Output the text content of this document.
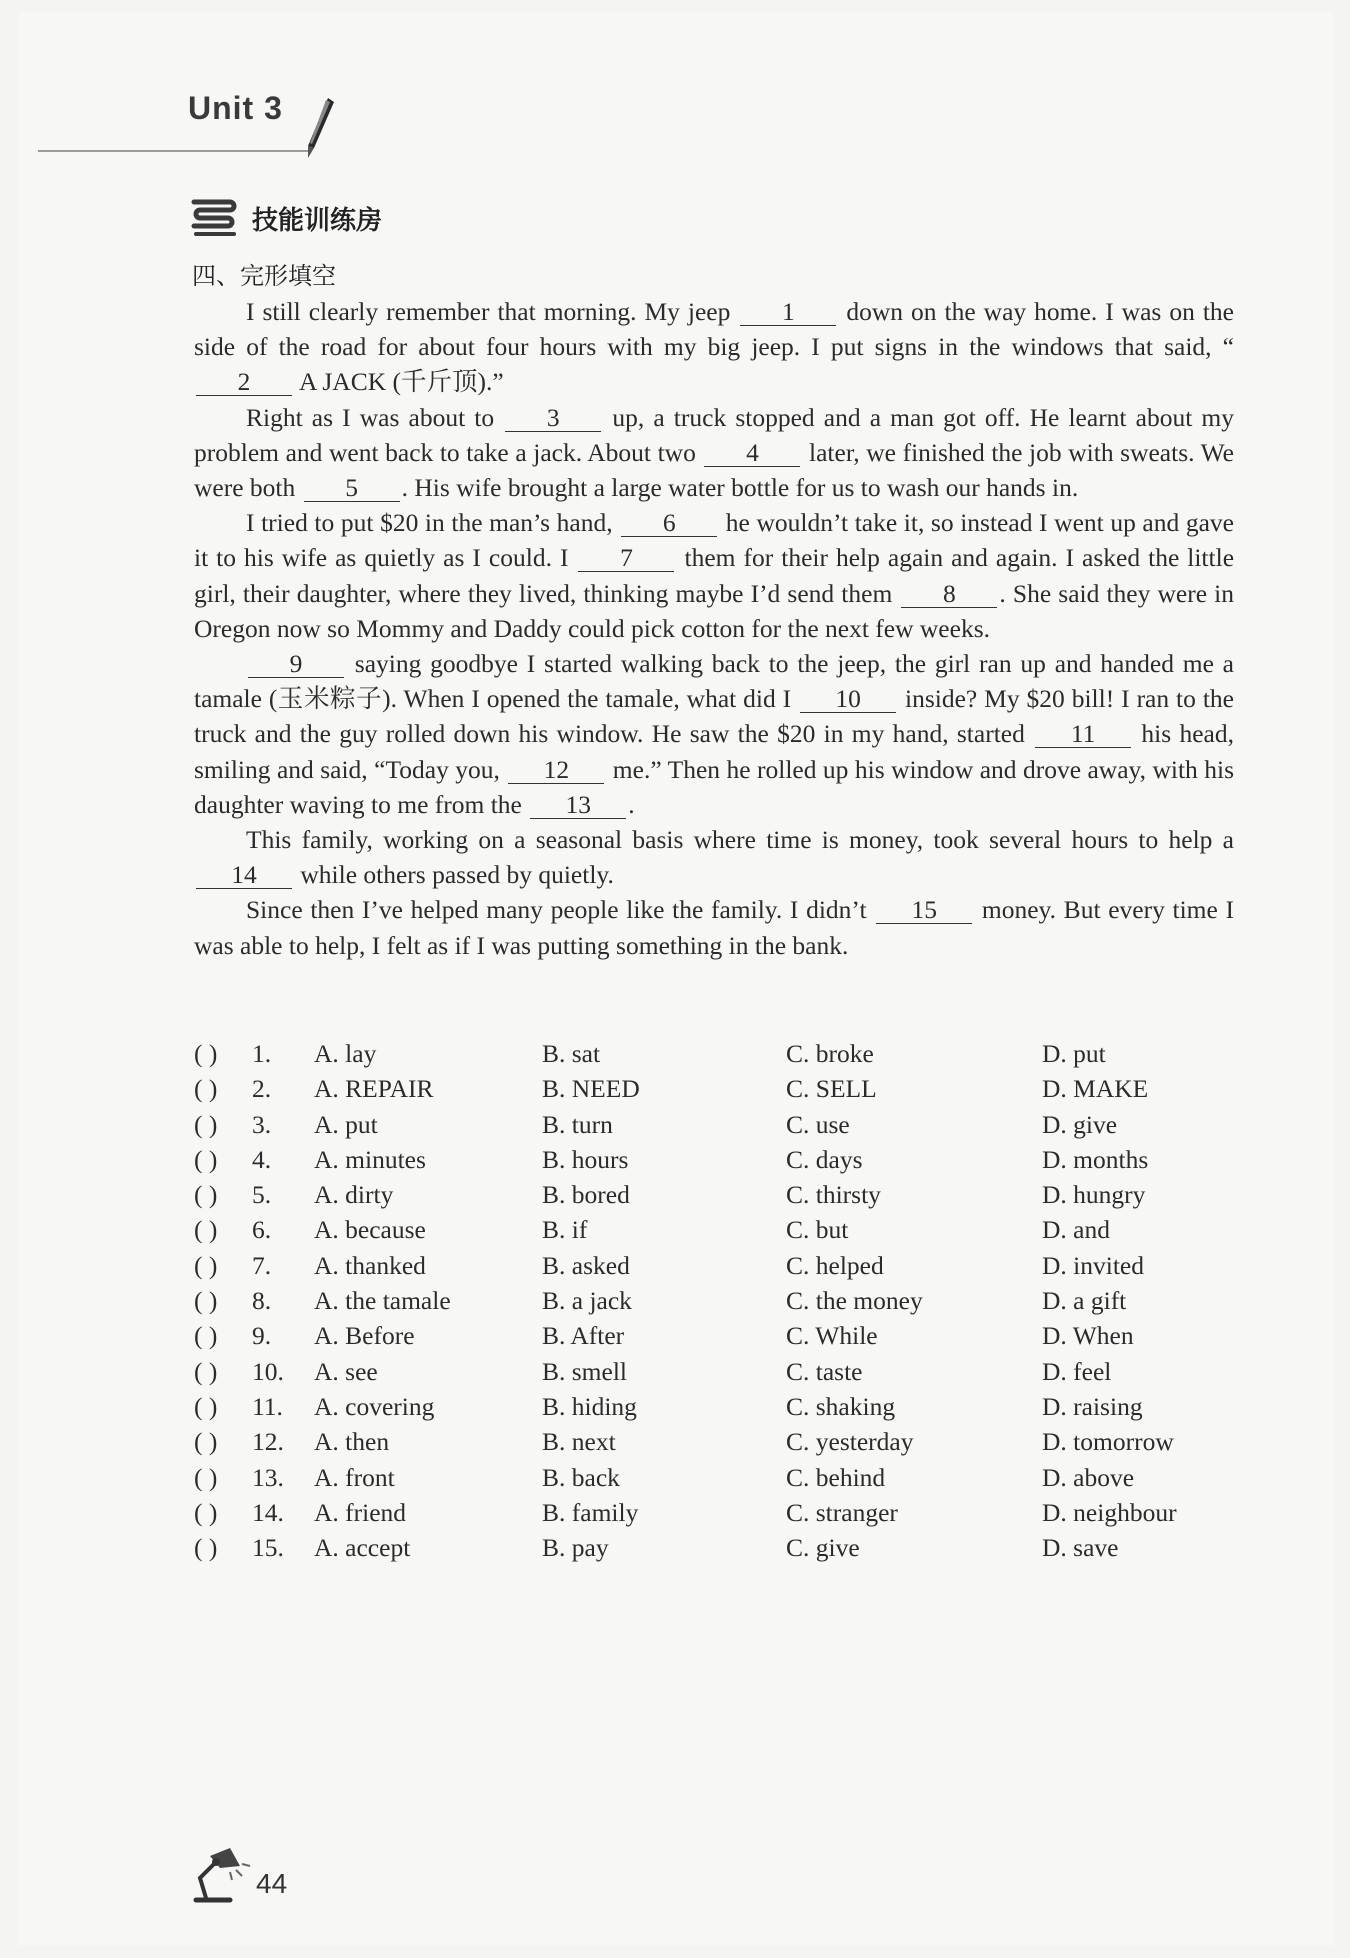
Unit 3
技能训练房
四、完形填空

I still clearly remember that morning. My jeep 1 down on the way home. I was on the side of the road for about four hours with my big jeep. I put signs in the windows that said, “2 A JACK (千斤顶).”

Right as I was about to 3 up, a truck stopped and a man got off. He learnt about my problem and went back to take a jack. About two 4 later, we finished the job with sweats. We were both 5 . His wife brought a large water bottle for us to wash our hands in.

I tried to put $20 in the man’s hand, 6 he wouldn’t take it, so instead I went up and gave it to his wife as quietly as I could. I 7 them for their help again and again. I asked the little girl, their daughter, where they lived, thinking maybe I’d send them 8 . She said they were in Oregon now so Mommy and Daddy could pick cotton for the next few weeks.

9 saying goodbye I started walking back to the jeep, the girl ran up and handed me a tamale (玉米粽子). When I opened the tamale, what did I 10 inside? My $20 bill! I ran to the truck and the guy rolled down his window. He saw the $20 in my hand, started 11 his head, smiling and said, “Today you, 12 me.” Then he rolled up his window and drove away, with his daughter waving to me from the 13 .

This family, working on a seasonal basis where time is money, took several hours to help a 14 while others passed by quietly.

Since then I’ve helped many people like the family. I didn’t 15 money. But every time I was able to help, I felt as if I was putting something in the bank.

( ) 1. A. lay	B. sat	C. broke	D. put
( ) 2. A. REPAIR	B. NEED	C. SELL	D. MAKE
( ) 3. A. put	B. turn	C. use	D. give
( ) 4. A. minutes	B. hours	C. days	D. months
( ) 5. A. dirty	B. bored	C. thirsty	D. hungry
( ) 6. A. because	B. if	C. but	D. and
( ) 7. A. thanked	B. asked	C. helped	D. invited
( ) 8. A. the tamale	B. a jack	C. the money	D. a gift
( ) 9. A. Before	B. After	C. While	D. When
( ) 10. A. see	B. smell	C. taste	D. feel
( ) 11. A. covering	B. hiding	C. shaking	D. raising
( ) 12. A. then	B. next	C. yesterday	D. tomorrow
( ) 13. A. front	B. back	C. behind	D. above
( ) 14. A. friend	B. family	C. stranger	D. neighbour
( ) 15. A. accept	B. pay	C. give	D. save
44
